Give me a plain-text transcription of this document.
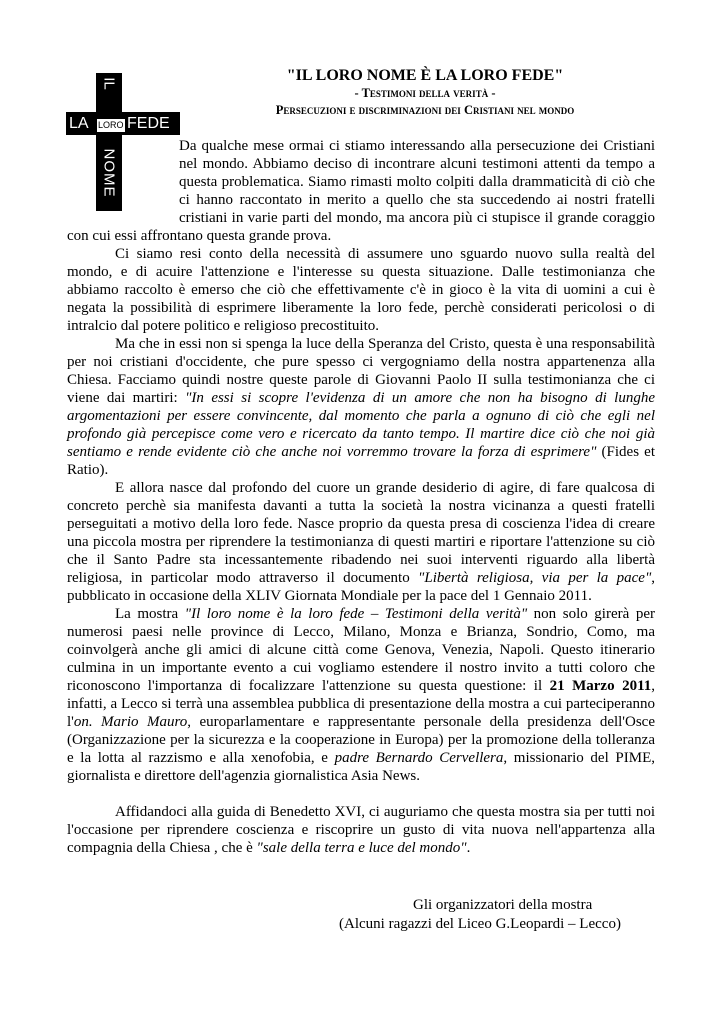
IL
LA LORO FEDE
NOME
"IL LORO NOME È LA LORO FEDE"
- Testimoni della verità -
Persecuzioni e discriminazioni dei Cristiani nel mondo

Da qualche mese ormai ci stiamo interessando alla persecuzione dei Cristiani nel mondo. Abbiamo deciso di incontrare alcuni testimoni attenti da tempo a questa problematica. Siamo rimasti molto colpiti dalla drammaticità di ciò che ci hanno raccontato in merito a quello che sta succedendo ai nostri fratelli cristiani in varie parti del mondo, ma ancora più ci stupisce il grande coraggio con cui essi affrontano questa grande prova.

Ci siamo resi conto della necessità di assumere uno sguardo nuovo sulla realtà del mondo, e di acuire l'attenzione e l'interesse su questa situazione. Dalle testimonianza che abbiamo raccolto è emerso che ciò che effettivamente c'è in gioco è la vita di uomini a cui è negata la possibilità di esprimere liberamente la loro fede, perchè considerati pericolosi o di intralcio dal potere politico e religioso precostituito.

Ma che in essi non si spenga la luce della Speranza del Cristo, questa è una responsabilità per noi cristiani d'occidente, che pure spesso ci vergogniamo della nostra appartenenza alla Chiesa. Facciamo quindi nostre queste parole di Giovanni Paolo II sulla testimonianza che ci viene dai martiri: "In essi si scopre l'evidenza di un amore che non ha bisogno di lunghe argomentazioni per essere convincente, dal momento che parla a ognuno di ciò che egli nel profondo già percepisce come vero e ricercato da tanto tempo. Il martire dice ciò che noi già sentiamo e rende evidente ciò che anche noi vorremmo trovare la forza di esprimere" (Fides et Ratio).

E allora nasce dal profondo del cuore un grande desiderio di agire, di fare qualcosa di concreto perchè sia manifesta davanti a tutta la società la nostra vicinanza a questi fratelli perseguitati a motivo della loro fede. Nasce proprio da questa presa di coscienza l'idea di creare una piccola mostra per riprendere la testimonianza di questi martiri e riportare l'attenzione su ciò che il Santo Padre sta incessantemente ribadendo nei suoi interventi riguardo alla libertà religiosa, in particolar modo attraverso il documento "Libertà religiosa, via per la pace", pubblicato in occasione della XLIV Giornata Mondiale per la pace del 1 Gennaio 2011.

La mostra "Il loro nome è la loro fede – Testimoni della verità" non solo girerà per numerosi paesi nelle province di Lecco, Milano, Monza e Brianza, Sondrio, Como, ma coinvolgerà anche gli amici di alcune città come Genova, Venezia, Napoli. Questo itinerario culmina in un importante evento a cui vogliamo estendere il nostro invito a tutti coloro che riconoscono l'importanza di focalizzare l'attenzione su questa questione: il 21 Marzo 2011, infatti, a Lecco si terrà una assemblea pubblica di presentazione della mostra a cui parteciperanno l'on. Mario Mauro, europarlamentare e rappresentante personale della presidenza dell'Osce (Organizzazione per la sicurezza e la cooperazione in Europa) per la promozione della tolleranza e la lotta al razzismo e alla xenofobia, e padre Bernardo Cervellera, missionario del PIME, giornalista e direttore dell'agenzia giornalistica Asia News.

Affidandoci alla guida di Benedetto XVI, ci auguriamo che questa mostra sia per tutti noi l'occasione per riprendere coscienza e riscoprire un gusto di vita nuova nell'appartenza alla compagnia della Chiesa , che è "sale della terra e luce del mondo".

Gli organizzatori della mostra
(Alcuni ragazzi del Liceo G.Leopardi – Lecco)
